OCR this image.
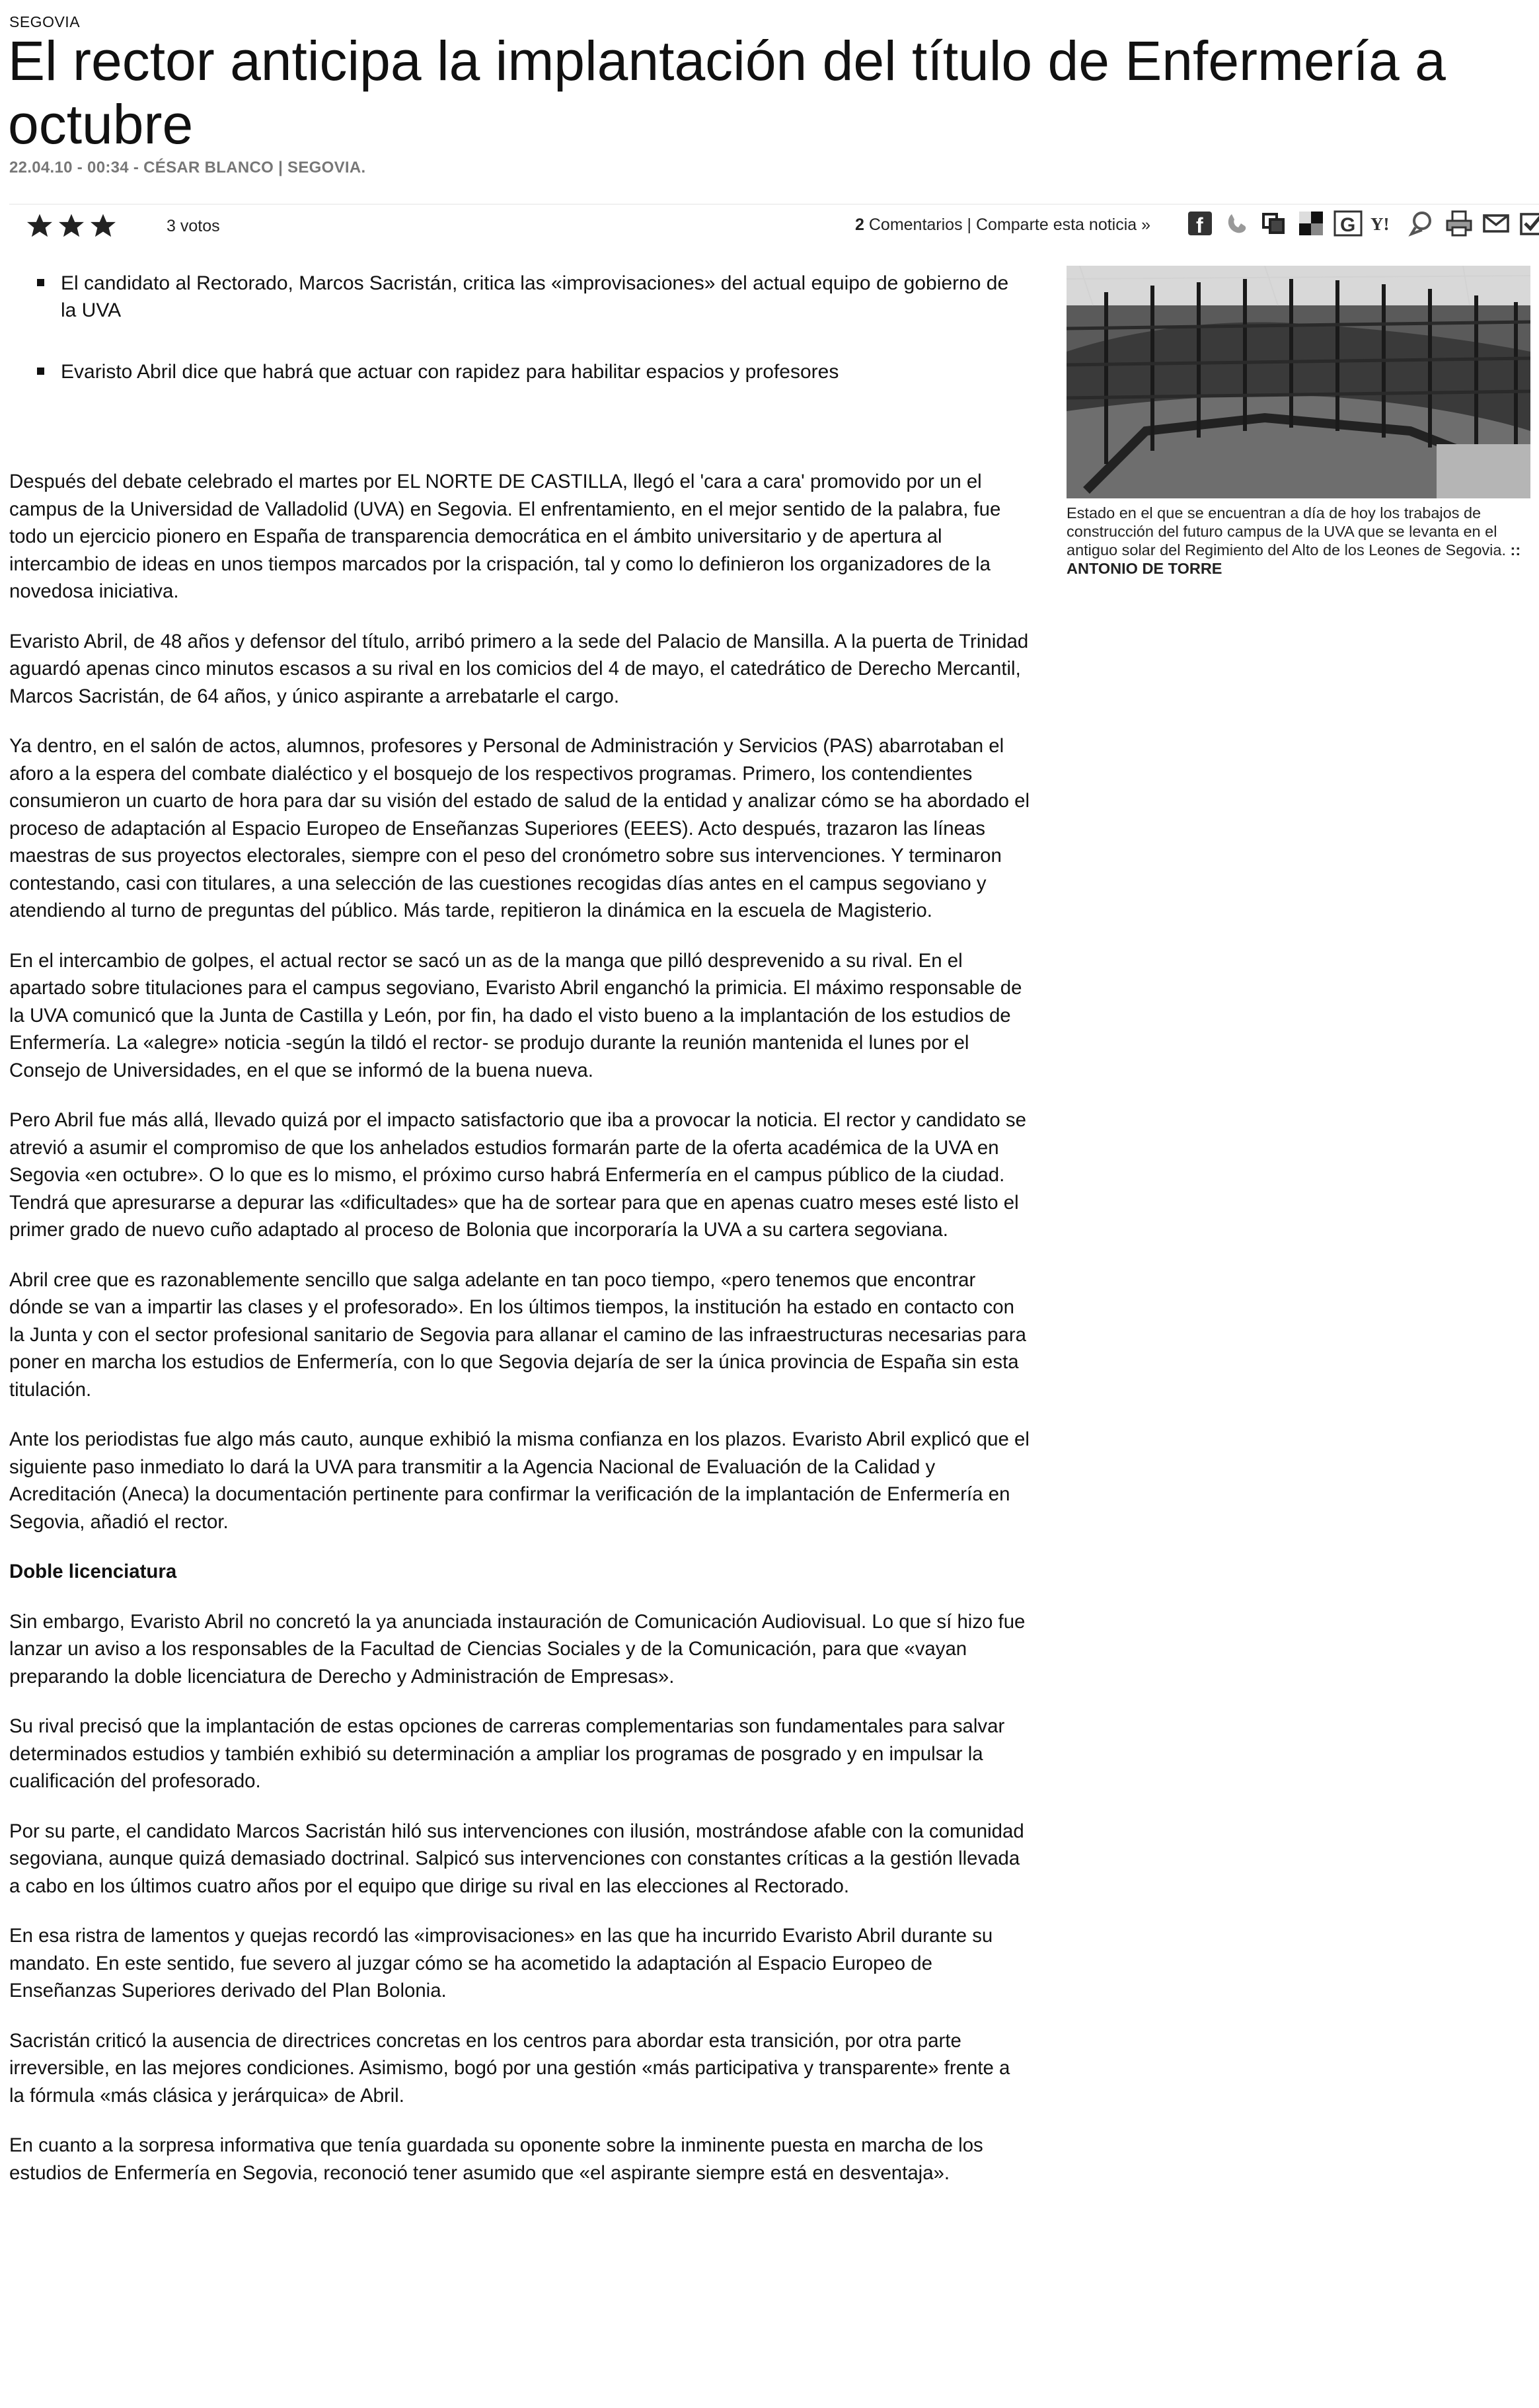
SEGOVIA
El rector anticipa la implantación del título de Enfermería a octubre
22.04.10 - 00:34 - CÉSAR BLANCO | SEGOVIA.
3 votos	2 Comentarios | Comparte esta noticia »	f	G Y!
El candidato al Rectorado, Marcos Sacristán, critica las «improvisaciones» del actual equipo de gobierno de la UVA
Evaristo Abril dice que habrá que actuar con rapidez para habilitar espacios y profesores
Estado en el que se encuentran a día de hoy los trabajos de construcción del futuro campus de la UVA que se levanta en el antiguo solar del Regimiento del Alto de los Leones de Segovia. :: ANTONIO DE TORRE

Después del debate celebrado el martes por EL NORTE DE CASTILLA, llegó el 'cara a cara' promovido por un el campus de la Universidad de Valladolid (UVA) en Segovia. El enfrentamiento, en el mejor sentido de la palabra, fue todo un ejercicio pionero en España de transparencia democrática en el ámbito universitario y de apertura al intercambio de ideas en unos tiempos marcados por la crispación, tal y como lo definieron los organizadores de la novedosa iniciativa.

Evaristo Abril, de 48 años y defensor del título, arribó primero a la sede del Palacio de Mansilla. A la puerta de Trinidad aguardó apenas cinco minutos escasos a su rival en los comicios del 4 de mayo, el catedrático de Derecho Mercantil, Marcos Sacristán, de 64 años, y único aspirante a arrebatarle el cargo.

Ya dentro, en el salón de actos, alumnos, profesores y Personal de Administración y Servicios (PAS) abarrotaban el aforo a la espera del combate dialéctico y el bosquejo de los respectivos programas. Primero, los contendientes consumieron un cuarto de hora para dar su visión del estado de salud de la entidad y analizar cómo se ha abordado el proceso de adaptación al Espacio Europeo de Enseñanzas Superiores (EEES). Acto después, trazaron las líneas maestras de sus proyectos electorales, siempre con el peso del cronómetro sobre sus intervenciones. Y terminaron contestando, casi con titulares, a una selección de las cuestiones recogidas días antes en el campus segoviano y atendiendo al turno de preguntas del público. Más tarde, repitieron la dinámica en la escuela de Magisterio.

En el intercambio de golpes, el actual rector se sacó un as de la manga que pilló desprevenido a su rival. En el apartado sobre titulaciones para el campus segoviano, Evaristo Abril enganchó la primicia. El máximo responsable de la UVA comunicó que la Junta de Castilla y León, por fin, ha dado el visto bueno a la implantación de los estudios de Enfermería. La «alegre» noticia -según la tildó el rector- se produjo durante la reunión mantenida el lunes por el Consejo de Universidades, en el que se informó de la buena nueva.

Pero Abril fue más allá, llevado quizá por el impacto satisfactorio que iba a provocar la noticia. El rector y candidato se atrevió a asumir el compromiso de que los anhelados estudios formarán parte de la oferta académica de la UVA en Segovia «en octubre». O lo que es lo mismo, el próximo curso habrá Enfermería en el campus público de la ciudad. Tendrá que apresurarse a depurar las «dificultades» que ha de sortear para que en apenas cuatro meses esté listo el primer grado de nuevo cuño adaptado al proceso de Bolonia que incorporaría la UVA a su cartera segoviana.

Abril cree que es razonablemente sencillo que salga adelante en tan poco tiempo, «pero tenemos que encontrar dónde se van a impartir las clases y el profesorado». En los últimos tiempos, la institución ha estado en contacto con la Junta y con el sector profesional sanitario de Segovia para allanar el camino de las infraestructuras necesarias para poner en marcha los estudios de Enfermería, con lo que Segovia dejaría de ser la única provincia de España sin esta titulación.

Ante los periodistas fue algo más cauto, aunque exhibió la misma confianza en los plazos. Evaristo Abril explicó que el siguiente paso inmediato lo dará la UVA para transmitir a la Agencia Nacional de Evaluación de la Calidad y Acreditación (Aneca) la documentación pertinente para confirmar la verificación de la implantación de Enfermería en Segovia, añadió el rector.

Doble licenciatura

Sin embargo, Evaristo Abril no concretó la ya anunciada instauración de Comunicación Audiovisual. Lo que sí hizo fue lanzar un aviso a los responsables de la Facultad de Ciencias Sociales y de la Comunicación, para que «vayan preparando la doble licenciatura de Derecho y Administración de Empresas».

Su rival precisó que la implantación de estas opciones de carreras complementarias son fundamentales para salvar determinados estudios y también exhibió su determinación a ampliar los programas de posgrado y en impulsar la cualificación del profesorado.

Por su parte, el candidato Marcos Sacristán hiló sus intervenciones con ilusión, mostrándose afable con la comunidad segoviana, aunque quizá demasiado doctrinal. Salpicó sus intervenciones con constantes críticas a la gestión llevada a cabo en los últimos cuatro años por el equipo que dirige su rival en las elecciones al Rectorado.

En esa ristra de lamentos y quejas recordó las «improvisaciones» en las que ha incurrido Evaristo Abril durante su mandato. En este sentido, fue severo al juzgar cómo se ha acometido la adaptación al Espacio Europeo de Enseñanzas Superiores derivado del Plan Bolonia.

Sacristán criticó la ausencia de directrices concretas en los centros para abordar esta transición, por otra parte irreversible, en las mejores condiciones. Asimismo, bogó por una gestión «más participativa y transparente» frente a la fórmula «más clásica y jerárquica» de Abril.

En cuanto a la sorpresa informativa que tenía guardada su oponente sobre la inminente puesta en marcha de los estudios de Enfermería en Segovia, reconoció tener asumido que «el aspirante siempre está en desventaja».
